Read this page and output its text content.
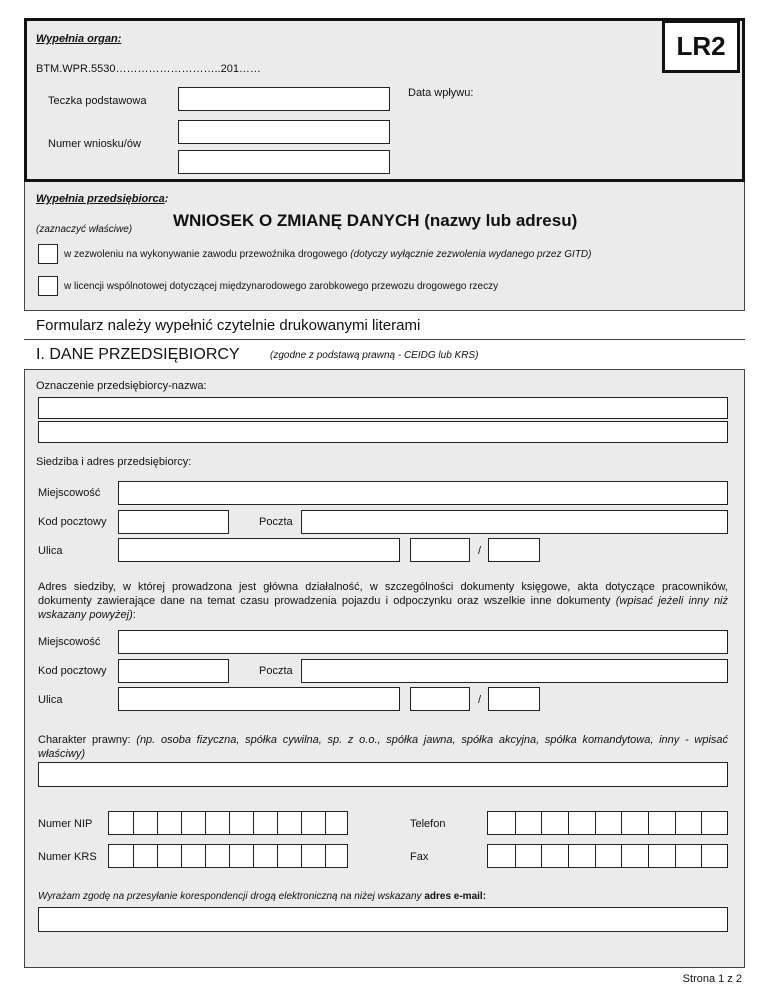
Wypełnia organ:	LR2
BTM.WPR.5530………………………..201……
Data wpływu:
Teczka podstawowa
Numer wniosku/ów
Wypełnia przedsiębiorca:
(zaznaczyć właściwe) WNIOSEK O ZMIANĘ DANYCH (nazwy lub adresu)
w zezwoleniu na wykonywanie zawodu przewoźnika drogowego (dotyczy wyłącznie zezwolenia wydanego przez GITD)
w licencji wspólnotowej dotyczącej międzynarodowego zarobkowego przewozu drogowego rzeczy
Formularz należy wypełnić czytelnie drukowanymi literami
I. DANE PRZEDSIĘBIORCY	(zgodne z podstawą prawną - CEIDG lub KRS)
Oznaczenie przedsiębiorcy-nazwa:
Siedziba i adres przedsiębiorcy:
Miejscowość
Kod pocztowy	Poczta
Ulica	/
Adres siedziby, w której prowadzona jest główna działalność, w szczególności dokumenty księgowe, akta dotyczące pracowników, dokumenty zawierające dane na temat czasu prowadzenia pojazdu i odpoczynku oraz wszelkie inne dokumenty (wpisać jeżeli inny niż wskazany powyżej):
Miejscowość
Kod pocztowy	Poczta
Ulica	/
Charakter prawny: (np. osoba fizyczna, spółka cywilna, sp. z o.o., spółka jawna, spółka akcyjna, spółka komandytowa, inny - wpisać właściwy)
Numer NIP	Telefon
Numer KRS	Fax
Wyrażam zgodę na przesyłanie korespondencji drogą elektroniczną na niżej wskazany adres e-mail:
Strona 1 z 2
